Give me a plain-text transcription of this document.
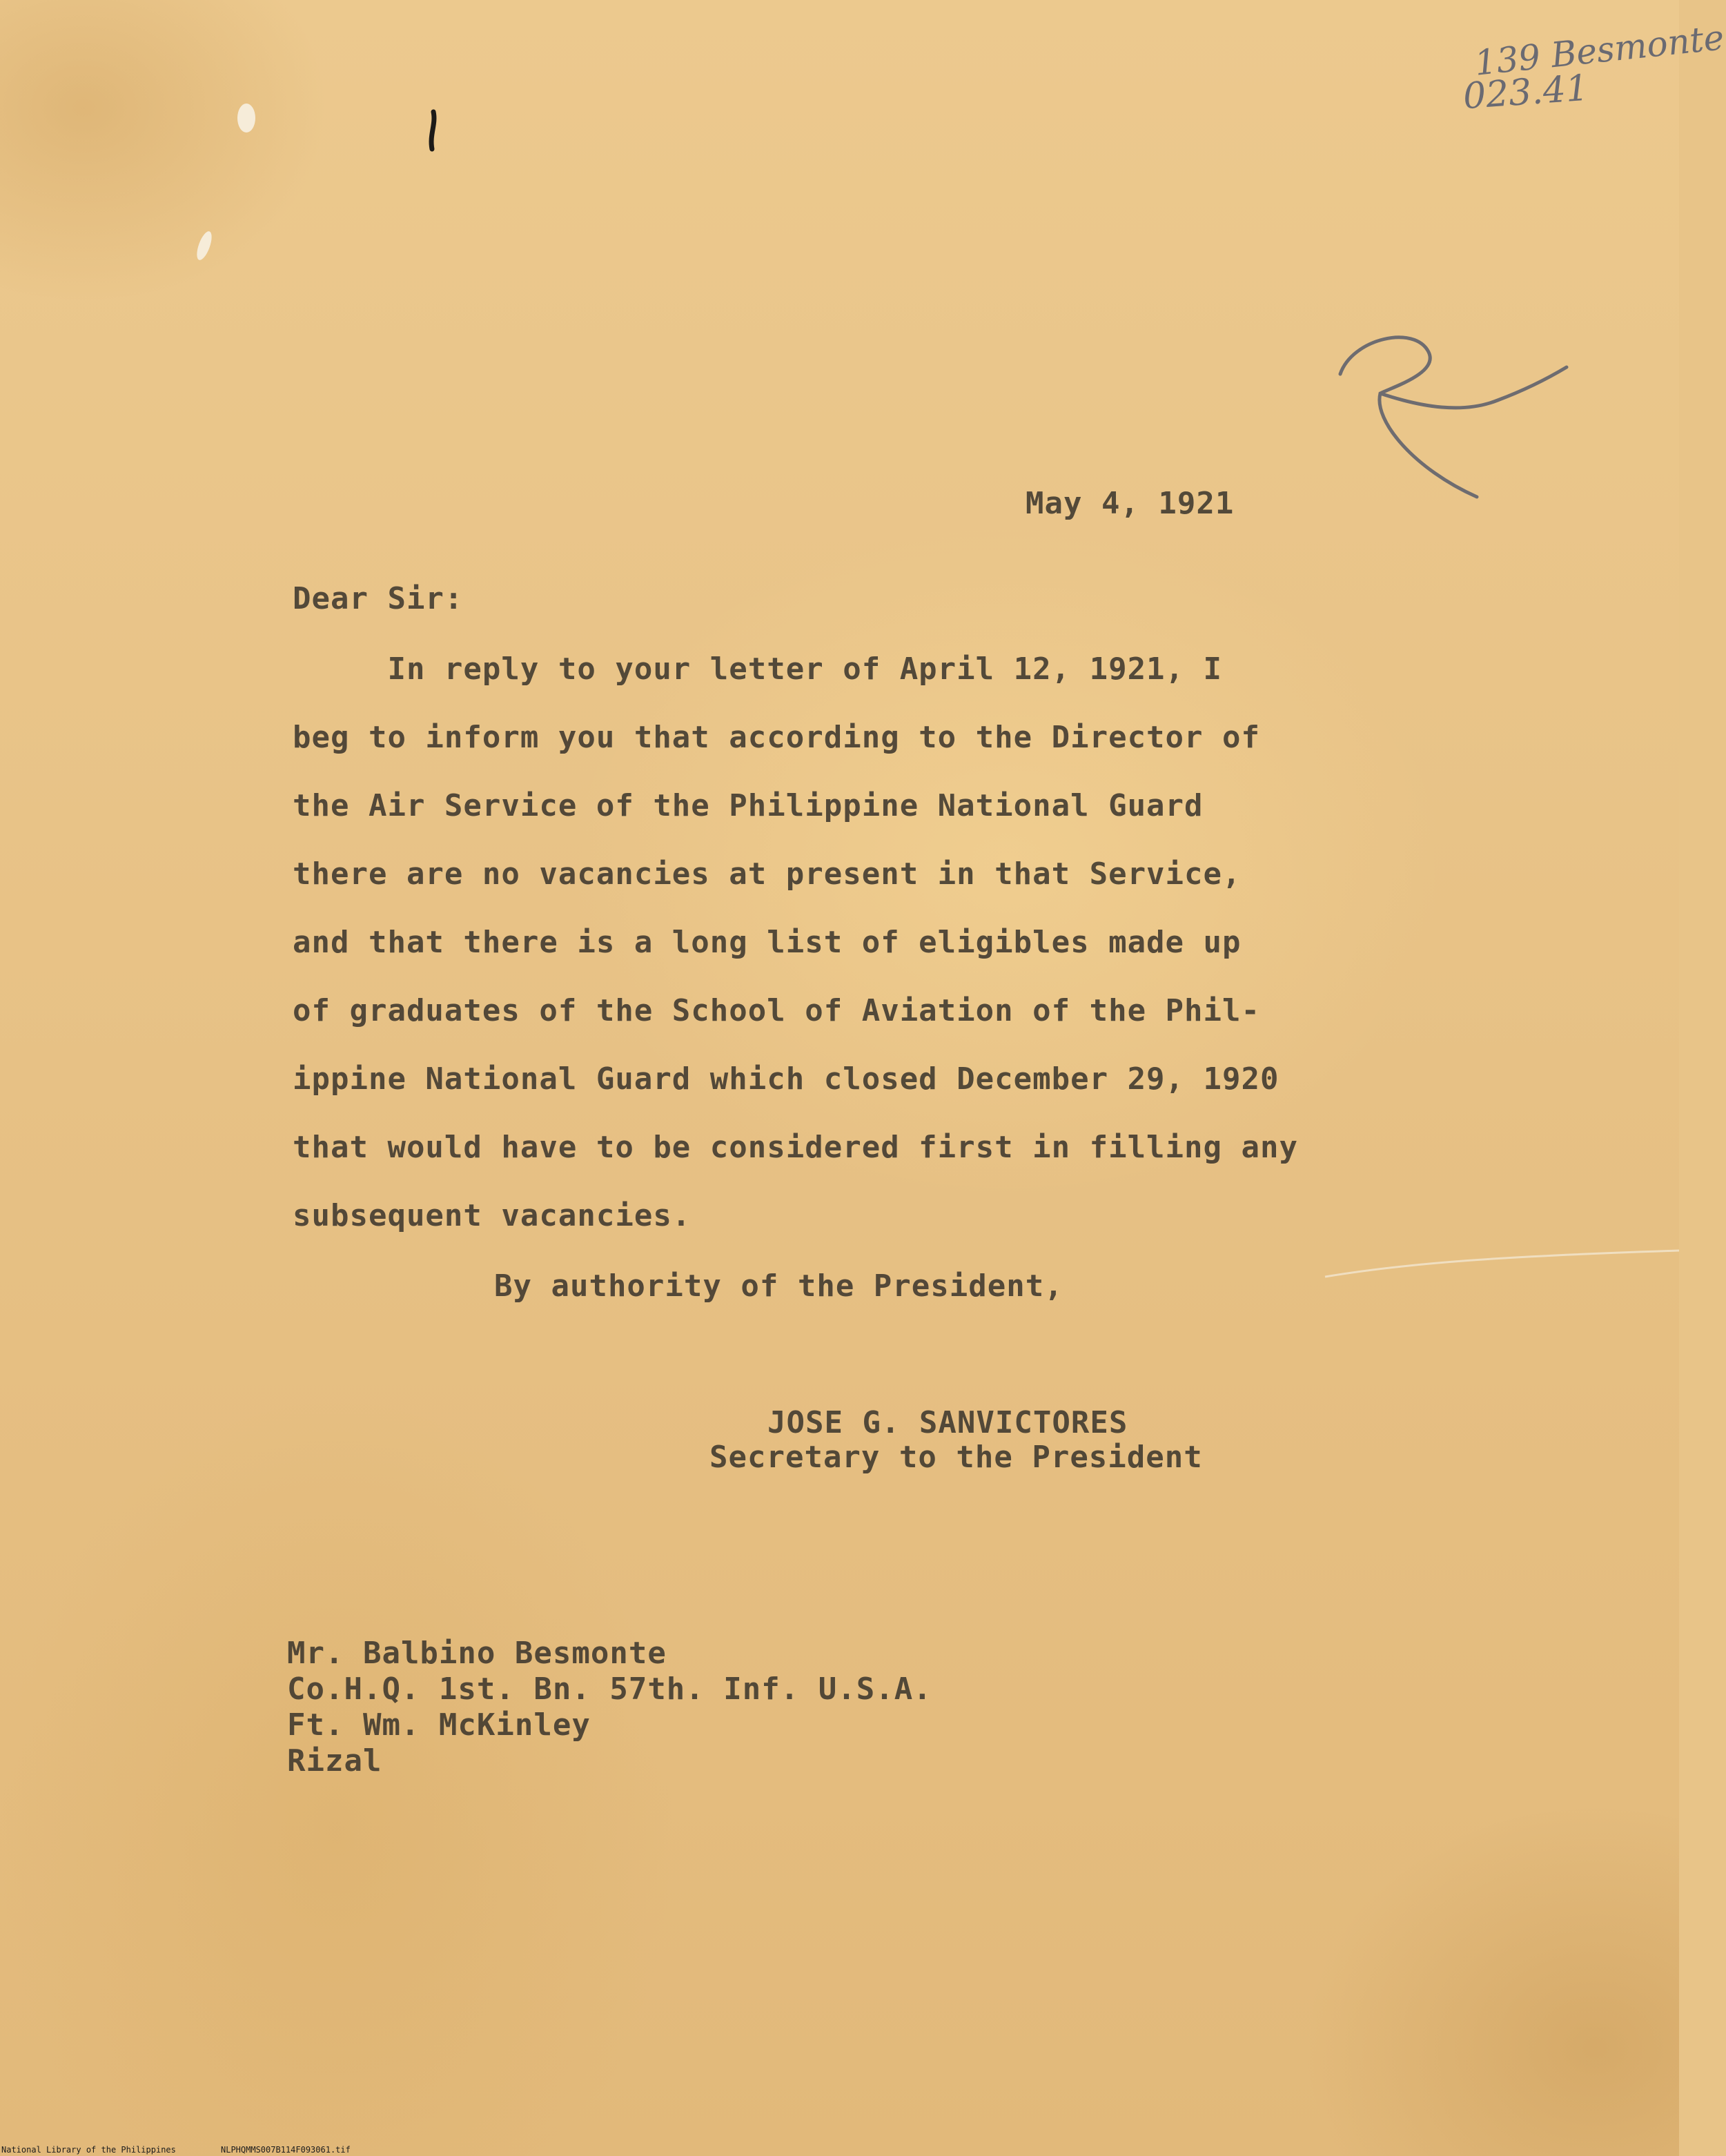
139 Besmonte
023.41
May 4, 1921
Dear Sir:
In reply to your letter of April 12, 1921, I
beg to inform you that according to the Director of
the Air Service of the Philippine National Guard
there are no vacancies at present in that Service,
and that there is a long list of eligibles made up
of graduates of the School of Aviation of the Phil-
ippine National Guard which closed December 29, 1920
that would have to be considered first in filling any
subsequent vacancies.
By authority of the President,
JOSE G. SANVICTORES
Secretary to the President
Mr. Balbino Besmonte
Co.H.Q. 1st. Bn. 57th. Inf. U.S.A.
Ft. Wm. McKinley
Rizal
National Library of the Philippines	NLPHQMMS007B114F093061.tif
